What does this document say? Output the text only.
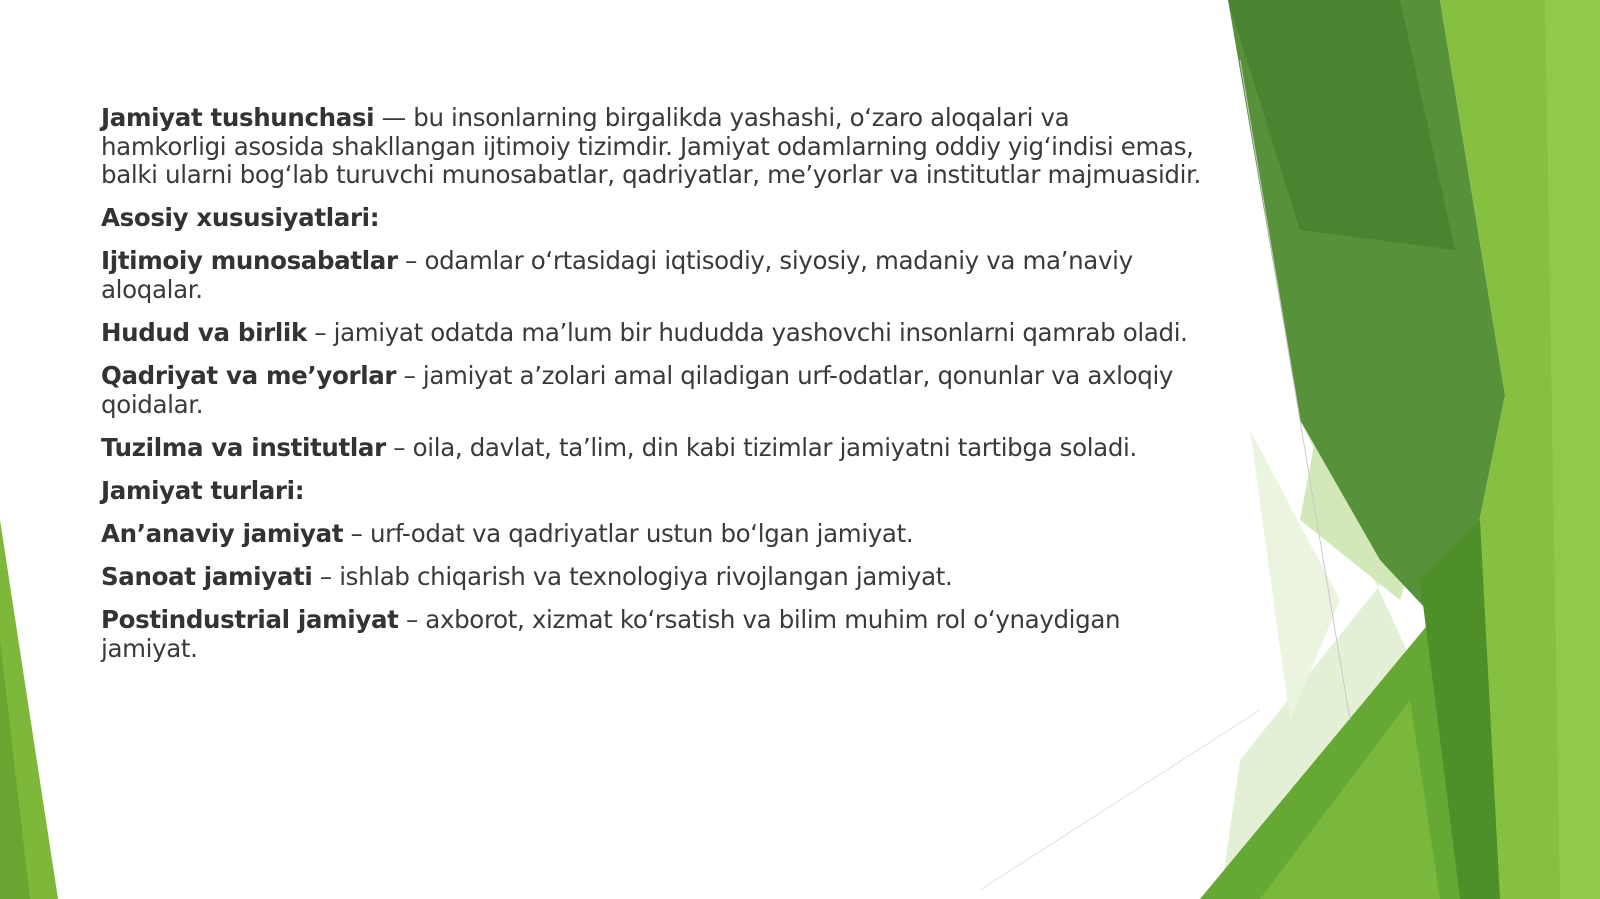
Jamiyat tushunchasi — bu insonlarning birgalikda yashashi, o‘zaro aloqalari va hamkorligi asosida shakllangan ijtimoiy tizimdir. Jamiyat odamlarning oddiy yig‘indisi emas, balki ularni bog‘lab turuvchi munosabatlar, qadriyatlar, me’yorlar va institutlar majmuasidir.

Asosiy xususiyatlari:

Ijtimoiy munosabatlar – odamlar o‘rtasidagi iqtisodiy, siyosiy, madaniy va ma’naviy aloqalar.

Hudud va birlik – jamiyat odatda ma’lum bir hududda yashovchi insonlarni qamrab oladi.

Qadriyat va me’yorlar – jamiyat a’zolari amal qiladigan urf-odatlar, qonunlar va axloqiy qoidalar.

Tuzilma va institutlar – oila, davlat, ta’lim, din kabi tizimlar jamiyatni tartibga soladi.

Jamiyat turlari:

An’anaviy jamiyat – urf-odat va qadriyatlar ustun bo‘lgan jamiyat.

Sanoat jamiyati – ishlab chiqarish va texnologiya rivojlangan jamiyat.

Postindustrial jamiyat – axborot, xizmat ko‘rsatish va bilim muhim rol o‘ynaydigan jamiyat.
